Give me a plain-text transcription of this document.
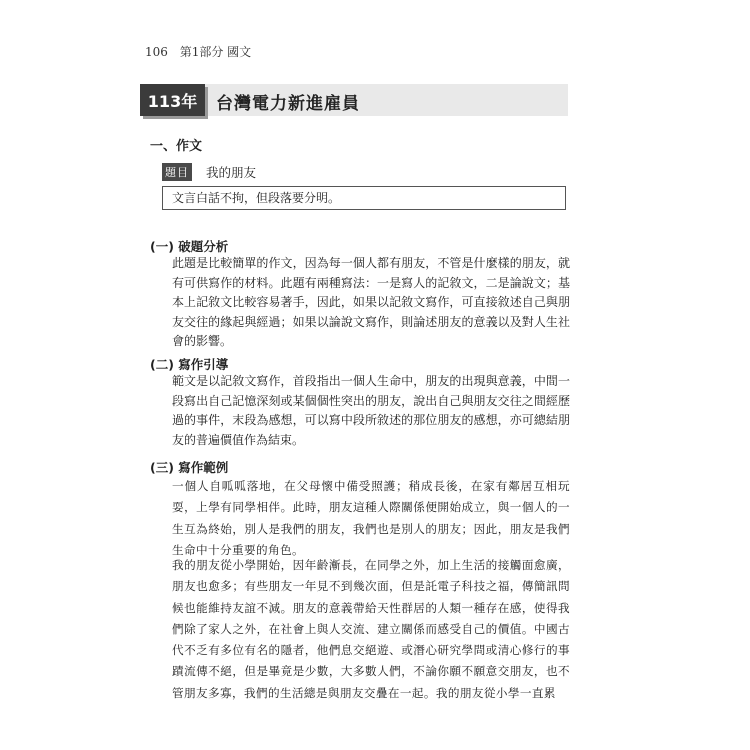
106 第1部分 國文
113年	台灣電力新進雇員
一、作文
題目 我的朋友
文言白話不拘，但段落要分明。
(一) 破題分析

此題是比較簡單的作文，因為每一個人都有朋友，不管是什麼樣的朋友，就有可供寫作的材料。此題有兩種寫法：一是寫人的記敘文，二是論說文；基本上記敘文比較容易著手，因此，如果以記敘文寫作，可直接敘述自己與朋友交往的緣起與經過；如果以論說文寫作，則論述朋友的意義以及對人生社會的影響。

(二) 寫作引導

範文是以記敘文寫作，首段指出一個人生命中，朋友的出現與意義，中間一段寫出自己記憶深刻或某個個性突出的朋友，說出自己與朋友交往之間經歷過的事件，末段為感想，可以寫中段所敘述的那位朋友的感想，亦可總結朋友的普遍價值作為結束。

(三) 寫作範例

一個人自呱呱落地，在父母懷中備受照護；稍成長後，在家有鄰居互相玩耍，上學有同學相伴。此時，朋友這種人際關係便開始成立，與一個人的一生互為終始，別人是我們的朋友，我們也是別人的朋友；因此，朋友是我們生命中十分重要的角色。

我的朋友從小學開始，因年齡漸長，在同學之外，加上生活的接觸面愈廣，朋友也愈多；有些朋友一年見不到幾次面，但是託電子科技之福，傳簡訊問候也能維持友誼不減。朋友的意義帶給天性群居的人類一種存在感，使得我們除了家人之外，在社會上與人交流、建立關係而感受自己的價值。中國古代不乏有多位有名的隱者，他們息交絕遊、或潛心研究學問或清心修行的事蹟流傳不絕，但是畢竟是少數，大多數人們，不論你願不願意交朋友，也不管朋友多寡，我們的生活總是與朋友交疊在一起。我的朋友從小學一直累
